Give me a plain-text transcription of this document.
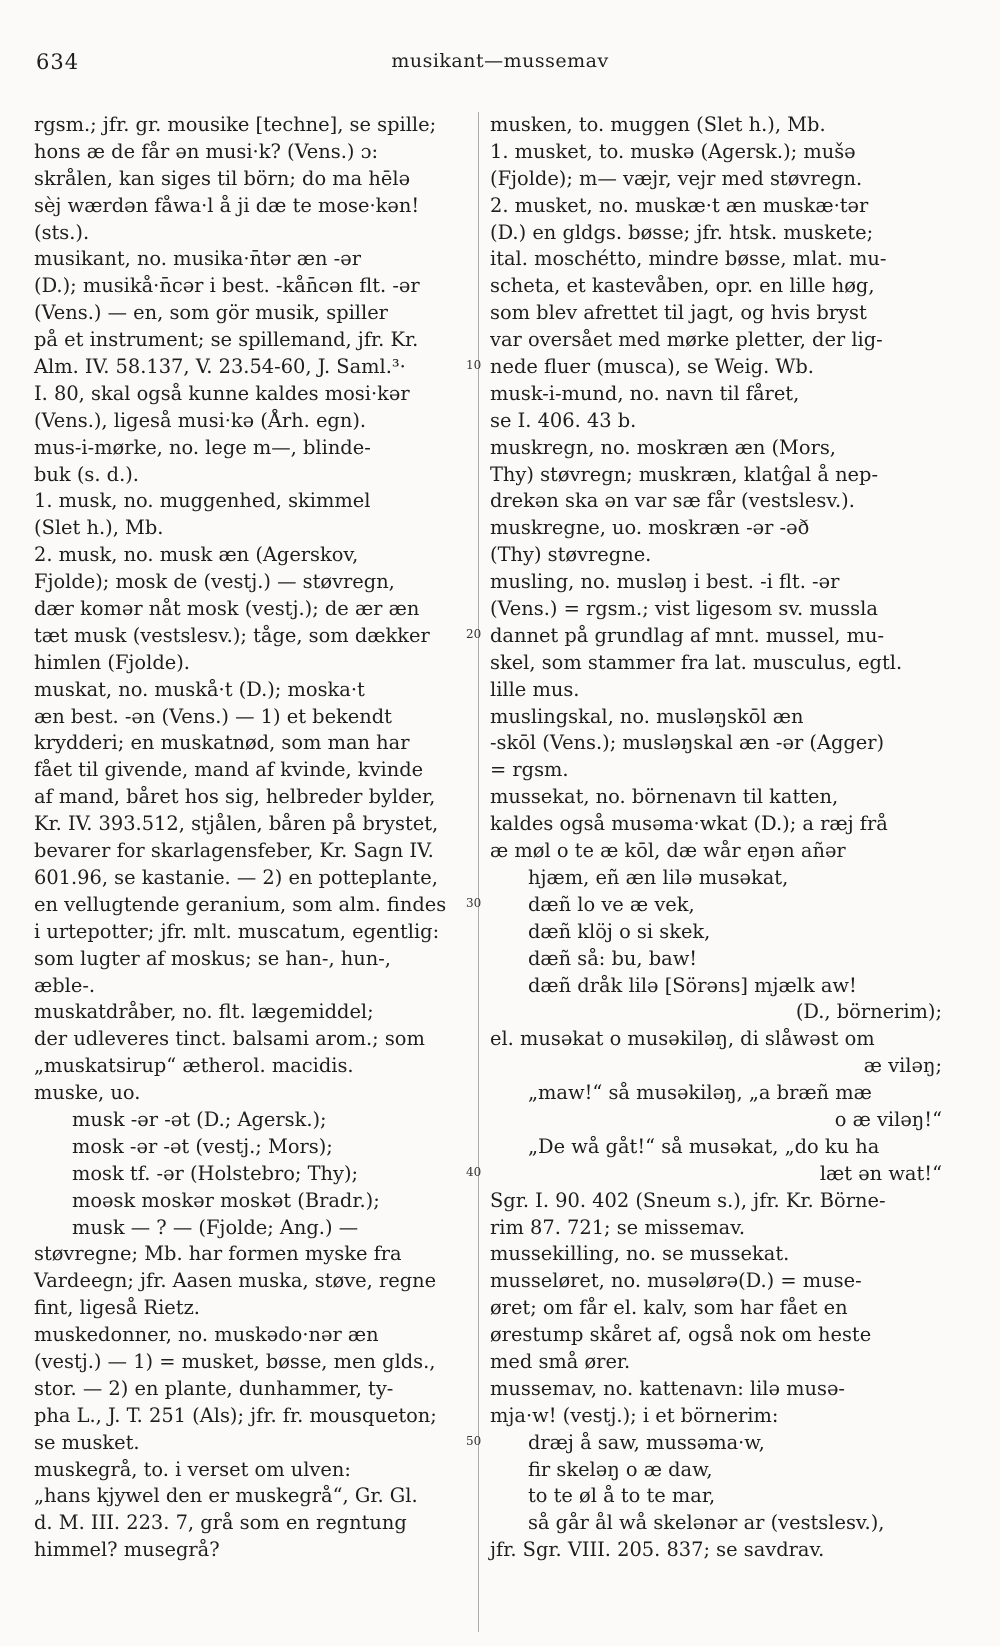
634	musikant—mussemav
10
20
30
40
50
rgsm.; jfr. gr. mousike [techne], se spille;
hons æ de får ən musi·k? (Vens.) ɔ:
skrålen, kan siges til börn; do ma hēlə
sèj wærdən fåwa·l å ji dæ te mose·kən!
(sts.).
musikant, no. musika·n̄tər æn -ər
(D.); musikå·n̄cər i best. -kån̄cən flt. -ər
(Vens.) — en, som gör musik, spiller
på et instrument; se spillemand, jfr. Kr.
Alm. IV. 58.137, V. 23.54-60, J. Saml.³·
I. 80, skal også kunne kaldes mosi·kər
(Vens.), ligeså musi·kə (Årh. egn).
mus-i-mørke, no. lege m—, blinde-
buk (s. d.).
1. musk, no. muggenhed, skimmel
(Slet h.), Mb.
2. musk, no. musk æn (Agerskov,
Fjolde); mosk de (vestj.) — støvregn,
dær komər nåt mosk (vestj.); de ær æn
tæt musk (vestslesv.); tåge, som dækker
himlen (Fjolde).
muskat, no. muskå·t (D.); moska·t
æn best. -ən (Vens.) — 1) et bekendt
krydderi; en muskatnød, som man har
fået til givende, mand af kvinde, kvinde
af mand, båret hos sig, helbreder bylder,
Kr. IV. 393.512, stjålen, båren på brystet,
bevarer for skarlagensfeber, Kr. Sagn IV.
601.96, se kastanie. — 2) en potteplante,
en vellugtende geranium, som alm. findes
i urtepotter; jfr. mlt. muscatum, egentlig:
som lugter af moskus; se han-, hun-,
æble-.
muskatdråber, no. flt. lægemiddel;
der udleveres tinct. balsami arom.; som
„muskatsirup“ ætherol. macidis.
muske, uo.
musk -ər -ət (D.; Agersk.);
mosk -ər -ət (vestj.; Mors);
mosk tf. -ər (Holstebro; Thy);
moəsk moskər moskət (Bradr.);
musk — ? — (Fjolde; Ang.) —
støvregne; Mb. har formen myske fra
Vardeegn; jfr. Aasen muska, støve, regne
fint, ligeså Rietz.
muskedonner, no. muskədo·nər æn
(vestj.) — 1) = musket, bøsse, men glds.,
stor. — 2) en plante, dunhammer, ty-
pha L., J. T. 251 (Als); jfr. fr. mousqueton;
se musket.
muskegrå, to. i verset om ulven:
„hans kjywel den er muskegrå“, Gr. Gl.
d. M. III. 223. 7, grå som en regntung
himmel? musegrå?
musken, to. muggen (Slet h.), Mb.
1. musket, to. muskə (Agersk.); mušə
(Fjolde); m— væjr, vejr med støvregn.
2. musket, no. muskæ·t æn muskæ·tər
(D.) en gldgs. bøsse; jfr. htsk. muskete;
ital. moschétto, mindre bøsse, mlat. mu-
scheta, et kastevåben, opr. en lille høg,
som blev afrettet til jagt, og hvis bryst
var oversået med mørke pletter, der lig-
nede fluer (musca), se Weig. Wb.
musk-i-mund, no. navn til fåret,
se I. 406. 43 b.
muskregn, no. moskræn æn (Mors,
Thy) støvregn; muskræn, klatĝal å nep-
drekən ska ən var sæ får (vestslesv.).
muskregne, uo. moskræn -ər -əð
(Thy) støvregne.
musling, no. musləŋ i best. -i flt. -ər
(Vens.) = rgsm.; vist ligesom sv. mussla
dannet på grundlag af mnt. mussel, mu-
skel, som stammer fra lat. musculus, egtl.
lille mus.
muslingskal, no. musləŋskōl æn
-skōl (Vens.); musləŋskal æn -ər (Agger)
= rgsm.
mussekat, no. börnenavn til katten,
kaldes også musəma·wkat (D.); a ræj frå
æ møl o te æ kōl, dæ wår eŋən añər
hjæm, eñ æn lilə musəkat,
dæñ lo ve æ vek,
dæñ klöj o si skek,
dæñ så: bu, baw!
dæñ dråk lilə [Sörəns] mjælk aw!
(D., börnerim);
el. musəkat o musəkiləŋ, di slåwəst om
æ viləŋ;
„maw!“ så musəkiləŋ, „a bræñ mæ
o æ viləŋ!“
„De wå gåt!“ så musəkat, „do ku ha
læt ən wat!“
Sgr. I. 90. 402 (Sneum s.), jfr. Kr. Börne-
rim 87. 721; se missemav.
mussekilling, no. se mussekat.
musseløret, no. musəlørə(D.) = muse-
øret; om får el. kalv, som har fået en
ørestump skåret af, også nok om heste
med små ører.
mussemav, no. kattenavn: lilə musə-
mja·w! (vestj.); i et börnerim:
dræj å saw, mussəma·w,
fir skeləŋ o æ daw,
to te øl å to te mar,
så går ål wå skelənər ar (vestslesv.),
jfr. Sgr. VIII. 205. 837; se savdrav.
